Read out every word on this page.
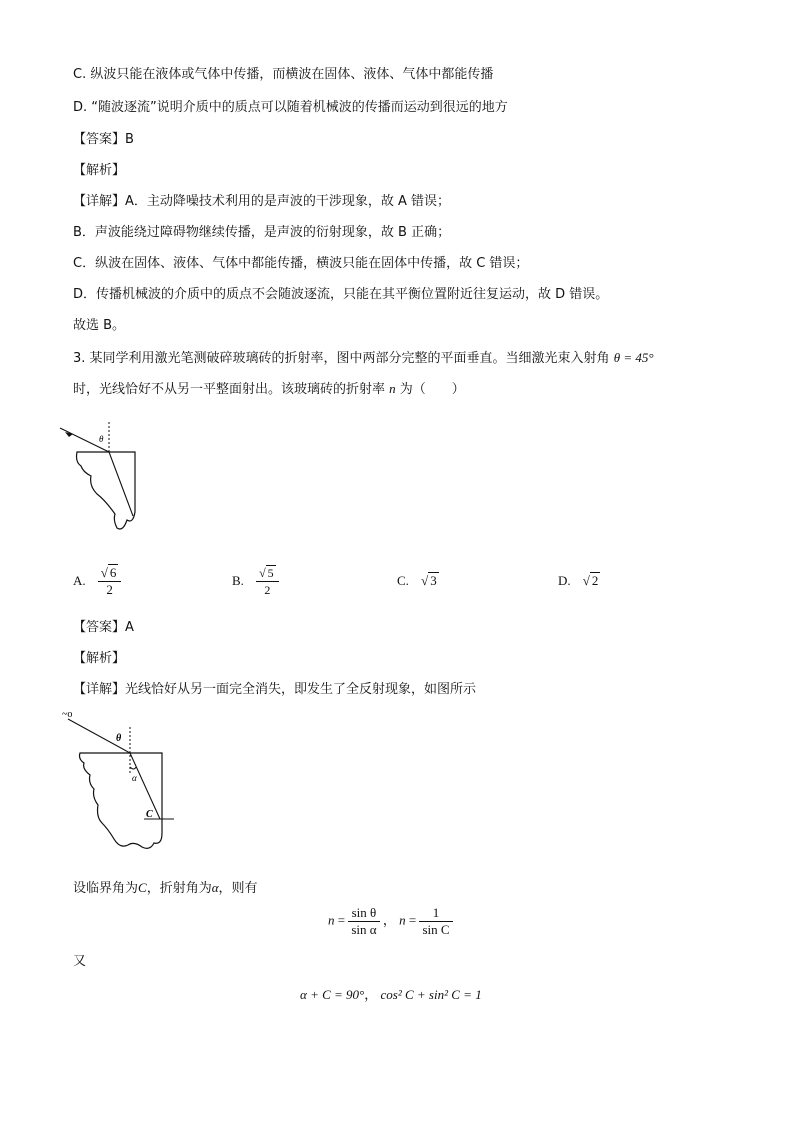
C. 纵波只能在液体或气体中传播，而横波在固体、液体、气体中都能传播
D. “随波逐流”说明介质中的质点可以随着机械波的传播而运动到很远的地方
【答案】B
【解析】
【详解】A．主动降噪技术利用的是声波的干涉现象，故 A 错误；
B．声波能绕过障碍物继续传播，是声波的衍射现象，故 B 正确；
C．纵波在固体、液体、气体中都能传播，横波只能在固体中传播，故 C 错误；
D．传播机械波的介质中的质点不会随波逐流，只能在其平衡位置附近往复运动，故 D 错误。
故选 B。
3. 某同学利用激光笔测破碎玻璃砖的折射率，图中两部分完整的平面垂直。当细激光束入射角 θ = 45°
时，光线恰好不从另一平整面射出。该玻璃砖的折射率 n 为（　　）
θ
A. $\frac{√ 6}{2}$	B. $\frac{√ 5}{2}$	C. √ 3	D. √ 2
【答案】A
【解析】
【详解】光线恰好从另一面完全消失，即发生了全反射现象，如图所示
~o
θ
α
C
设临界角为C，折射角为α，则有
$n = \frac{\text{sin θ}}{\text{sin α}}$ ， $n = \frac{1}{\text{sin C}}$
又
α + C = 90°， cos² C + sin² C = 1
